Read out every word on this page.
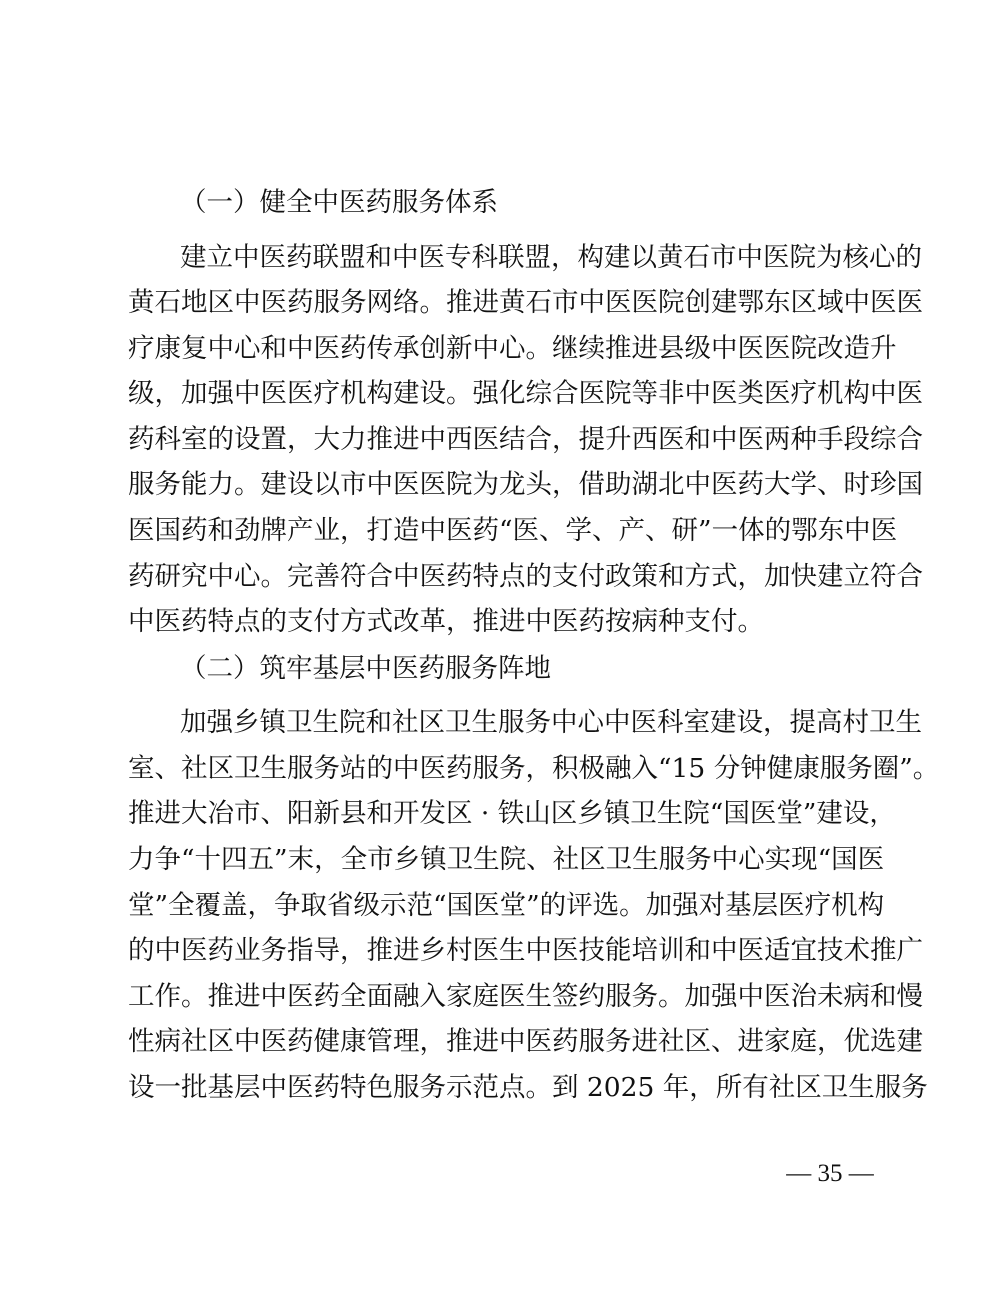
（一）健全中医药服务体系
建立中医药联盟和中医专科联盟，构建以黄石市中医院为核心的
黄石地区中医药服务网络。推进黄石市中医医院创建鄂东区域中医医
疗康复中心和中医药传承创新中心。继续推进县级中医医院改造升
级，加强中医医疗机构建设。强化综合医院等非中医类医疗机构中医
药科室的设置，大力推进中西医结合，提升西医和中医两种手段综合
服务能力。建设以市中医医院为龙头，借助湖北中医药大学、时珍国
医国药和劲牌产业，打造中医药“医、学、产、研”一体的鄂东中医
药研究中心。完善符合中医药特点的支付政策和方式，加快建立符合
中医药特点的支付方式改革，推进中医药按病种支付。
（二）筑牢基层中医药服务阵地
加强乡镇卫生院和社区卫生服务中心中医科室建设，提高村卫生
室、社区卫生服务站的中医药服务，积极融入“15 分钟健康服务圈”。
推进大冶市、阳新县和开发区 · 铁山区乡镇卫生院“国医堂”建设，
力争“十四五”末，全市乡镇卫生院、社区卫生服务中心实现“国医
堂”全覆盖，争取省级示范“国医堂”的评选。加强对基层医疗机构
的中医药业务指导，推进乡村医生中医技能培训和中医适宜技术推广
工作。推进中医药全面融入家庭医生签约服务。加强中医治未病和慢
性病社区中医药健康管理，推进中医药服务进社区、进家庭，优选建
设一批基层中医药特色服务示范点。到 2025 年，所有社区卫生服务
— 35 —
